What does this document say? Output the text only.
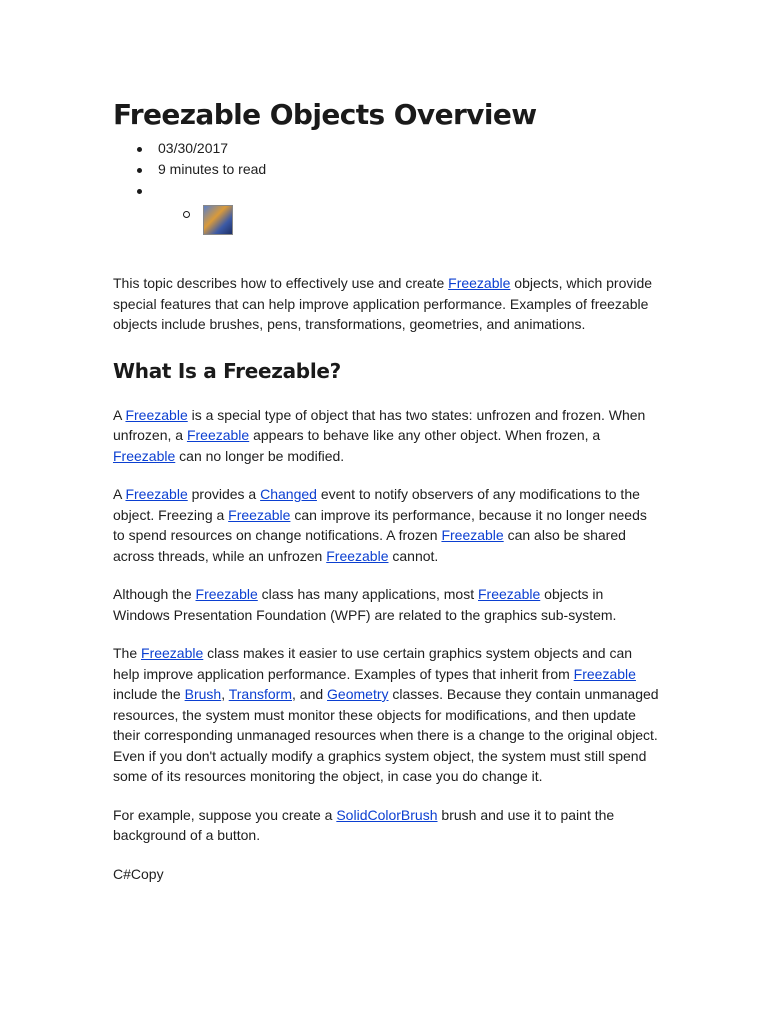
Freezable Objects Overview
03/30/2017
9 minutes to read

This topic describes how to effectively use and create Freezable objects, which provide special features that can help improve application performance. Examples of freezable objects include brushes, pens, transformations, geometries, and animations.

What Is a Freezable?

A Freezable is a special type of object that has two states: unfrozen and frozen. When unfrozen, a Freezable appears to behave like any other object. When frozen, a Freezable can no longer be modified.

A Freezable provides a Changed event to notify observers of any modifications to the object. Freezing a Freezable can improve its performance, because it no longer needs to spend resources on change notifications. A frozen Freezable can also be shared across threads, while an unfrozen Freezable cannot.

Although the Freezable class has many applications, most Freezable objects in Windows Presentation Foundation (WPF) are related to the graphics sub-system.

The Freezable class makes it easier to use certain graphics system objects and can help improve application performance. Examples of types that inherit from Freezable include the Brush, Transform, and Geometry classes. Because they contain unmanaged resources, the system must monitor these objects for modifications, and then update their corresponding unmanaged resources when there is a change to the original object. Even if you don't actually modify a graphics system object, the system must still spend some of its resources monitoring the object, in case you do change it.

For example, suppose you create a SolidColorBrush brush and use it to paint the background of a button.

C#Copy
